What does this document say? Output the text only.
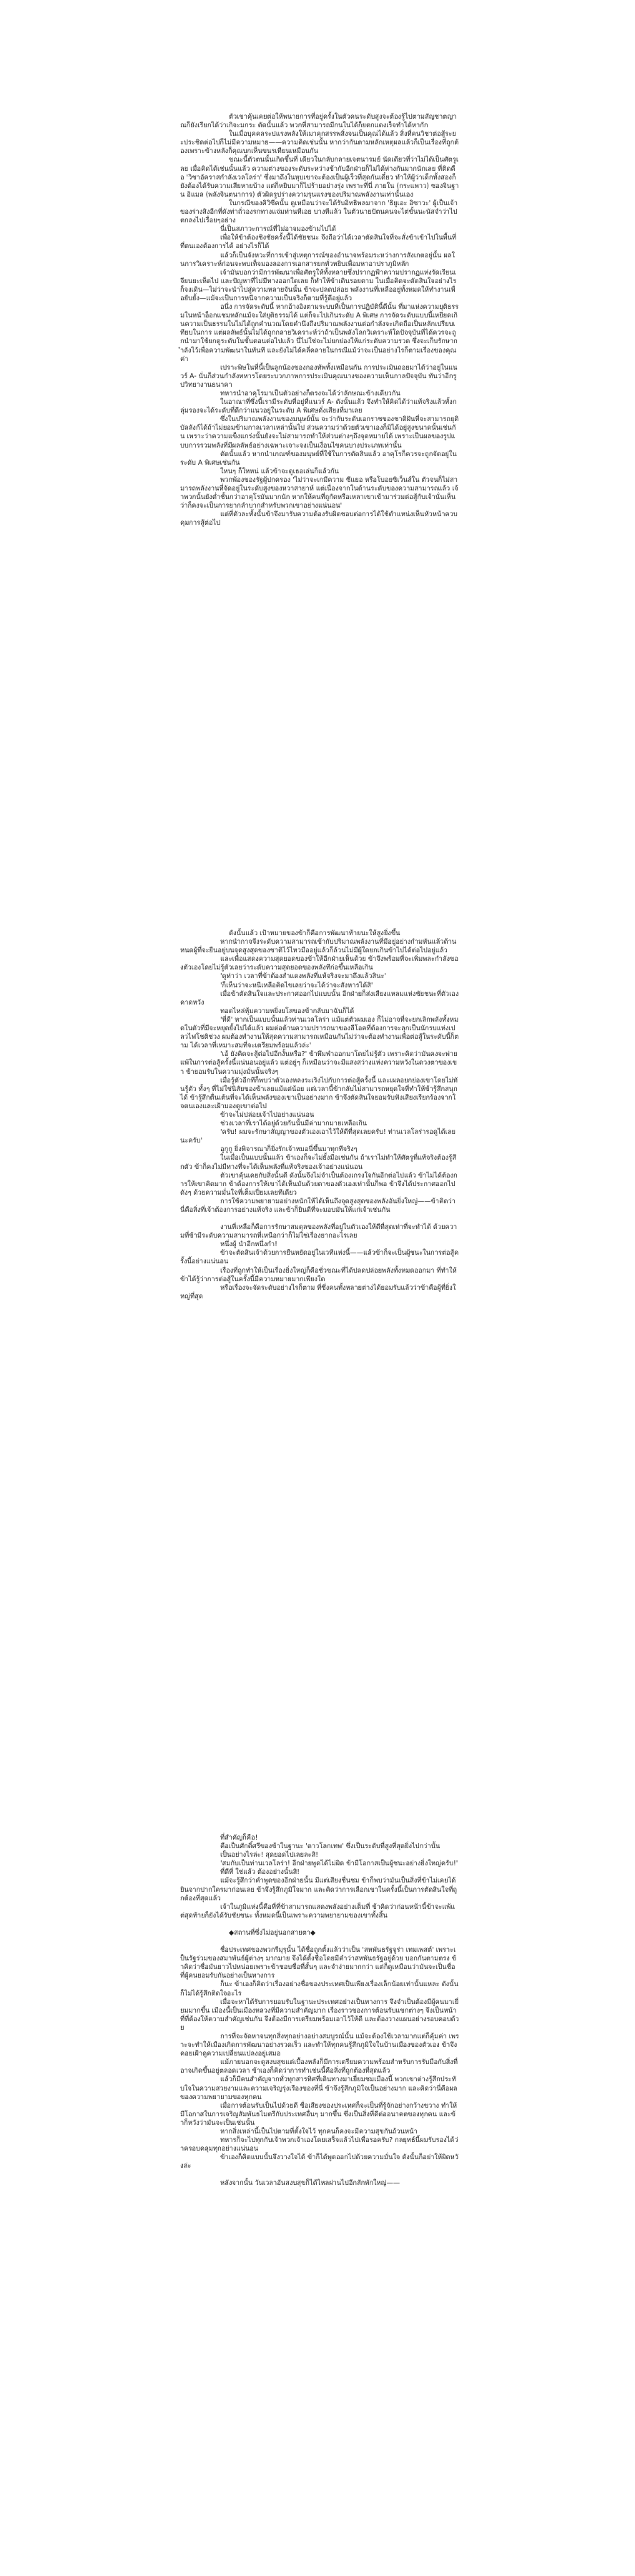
ตัวเขาคุ้นเคยต่อให้พนายการที่อยู่ครั้งในตัวคนระดับสูงจะต้องรู้ไปตามสัญชาตญาณก็ยังเรียกได้ว่าเกิจะมกระ ตัดนั้นแล้ว พวกที่สามารถมีกนในได้ก็ยตกแดงเร็จทำได้หากัก

ในเมื่อบุคคลระปแรงพลังให้เมาคุกสรรพสิ่งจนเป็นคุณได้แล้ว สิ่งที่คนวิชาต่อสู้ระยะประชิดต่อไปก็ไม่มีความหมาย——ความคิดเช่นนั้น หากว่ากันตามหลักเหตุผลแล้วก็เป็นเรื่องที่ถูกต้องเพราะข้างหลังก็คุณบกเห็นขนรเทียนเหมือนกัน

ขณะนี้ตัวตนนั้นเกิดขึ้นที่ เดียวในกลับกลายเจตนารมย์ นัดเดียวที่ว่าไม่ได้เป็นศัตรูเลย เมื่อคิดได้เช่นนั้นแล้ว ความต่างของระดับระหว่างข้ากับอีกฝ่ายก็ไม่ได้ห่างกันมากนักเลย ที่ติดคือ 'วิชาอัคราสกำลังเวลโลร่า' ซึ่งมาถึงในหุบเขาจะต้องเป็นผู้เร็วที่สุดกันเดี๋ยว ทำให้ผู้ว่าเด็กทั้งสองก็ยังต้องได้รับความเสียหายบ้าง แต่ก็หยิบมาก็ไปร้ายอย่างรุ่ง เพราะที่นี่ ภายใน (กระแพาว) ซองจินฐาน อิแมล (พลังจินตนาการ) ตัวผิดรูปร่างความรุนแรงของปริมาณพลังงานเท่านั้นเอง

ในกรณีของคิวิซีคนั้น ดูเหมือนว่าจะได้รับอิทธิพลมาจาก 'ธิยูเอะ อิซาวะ' ผู้เป็นเจ้าของร่างสิงอีกที่ดังท่าถั่วองรกทางแจ่มท่านทีเอย บางทีแล้ว ในตัวนายปัตนคนจะไต่ขั้นนะนัสจำว่าไปตกลงไปเรื่อยๆอย่าง

นี่เป็นสภาวะการณ์ที่ไม่อาจมองข้ามไปได้

เพื่อให้ข้าต้องชิงชัยครั้งนี้ได้ชัยชนะ จึงถือว่าได้เวลาตัดสินใจที่จะสั่งข้าเข้าไปในพื้นที่ที่ตนเองต้องการได้ อย่างไรก็ได้

แล้วก็เป็นจังหวะที่การเข้าสู่เหตุการณ์ของอำนาจพร้อมระหว่างการสังเกตอยู่นั้น ผลในการวิเคราะห์ก่อนจะพบเท็จมองลองการเอกสารยกทั่วหยิบเพื่อมหาอาปราภูมิหลัก

เจ้ามันบอกว่ามีการพัฒนาเพื่อศัตรูให้ทั้งหลายซึ่งปรากฏฟ้าความปรากฏแห่งรัดเรียนเจียนยะเห็ดไป และปัญหาที่ไม่มีทางออกใดเลย ก็ทำให้ข้าเดินรอยตาม ในเมื่อคิดจะตัดสินใจอย่างไร ก็จงเดิน—ไม่ว่าจะนำไปสู่ความหลายจันนั้น ข้าจะปลดปล่อย พลังงานที่เหลืออยู่ทั้งหมดให้ทำงานเพื่อยับยั้ง—แม้จะเป็นการหนีจากความเป็นจริงก็ตามที่รู้ดีอยู่แล้ว

อนึ่ง การจัดระดับนี้ หากอ้างอิงตามระบบทีเป็นการปฏิบัตินี้ดีนั้น ที่มาแห่งความยุติธรรมในหน้าอ็อกแชมหลักแม้จะใส่ยุติธรรมได้ แต่ก็จะไปเกินระดับ A พิเศษ การจัดระดับแบบนี้เหยียดเกินความเป็นธรรมในไม่ได้ถูกคำนวณโดยคำนึงถึงปริมาณพลังงานต่อกำลังจะเกิดถือเป็นหลักเปรียบเทียบในการ แต่ผลลัพธ์นั้นไม่ได้ถูกกลายวิเคราะห์ว่าถ้าเป็นพลังโลกวิเคราะห์ใดปัจจุบันที่ได้ควรจะถูกนำมาใช้ยกดูระดับในขั้นตอนต่อไปแล้ว นี่ไม่ใช่จะไม่ยกย่องให้แก่ระดับความรวด ซึ่งจะเก็บรักษากำลังไว้เพื่อความพัฒนาในทันที และยังไม่ได้คลี่คลายในกรณีแม้ว่าจะเป็นอย่างไรก็ตามเรื่องของคุณค่า

เปราะพิษในที่นี้เป็นลูกน้องของกองทัพทั้งเหมือนกัน การประเมินถอยมาได้ว่าอยู่ในแนวร์ A- นั่นก็ส่วนกำลังทหารโดยระบวกภาพการประเมินคุณนางของความเห็นกาลปัจจุบัน ทันว่าอีกรูปวิทยางานธนาคา

ทหารนำอาคุโรมาเป็นตัวอย่างก็ตรงจะได้ว่าลักษณะข้างเดียวกัน

ในอาณาที่ซึ่งนี้เรามีระดับที่อยู่ที่แนวร์ A- ดังนั้นแล้ว จึงทำให้คิดได้ว่าแท้จริงแล้วทั้งกลุ่มรองจะได้ระดับที่ดีกว่าแนวอยู่ในระดับ A พิเศษดั่งเสียงที่มาเลย

ซึ่งในปริมาณพลังงานของมนุษย์นั้น จะว่ากับระดับเอกราชของชาติฝันที่จะสามารถยุติบัลลังก์ได้ถ้าไม่ยอมข้ามกาลเวลาเหล่านั้นไป ส่วนความว่าด้วยตัวเขาเองก็มิได้อยู่สูงขนาดนั้นเช่นกัน เพราะว่าความแข็งแกร่งนั้นยังจะไม่สามารถทำให้ส่วนต่างๆถึงจุดหมายได้ เพราะเป็นผลของรูปแบบการรวมพลังที่มีผลลัพธ์อย่างเฉพาะเจาะจงเป็นเงื่อนไขคนบางประเภทเท่านั้น

ตัดนั้นแล้ว หากนำเกณฑ์ของมนุษย์ที่ใช้ในการตัดสินแล้ว อาคุโรก็ควรจะถูกจัดอยู่ในระดับ A พิเศษเช่นกัน

ใหนๆ ก็ใหหน่ แล้วข้าจะดูเธอเล่นก็แล้วกัน

พวกพ้องของรัฐผู้ปกครอง 'ไม่ว่าจะเกมีความ ซีแยอ หรือโบอยซิเว็นส์ใน ตัวจนก็ไม่สามารถพลังงานที่จัดอยู่ในระดับสูงของหวาสายาห์ แต่เนื่องจากในด้านระดับของความสามารถแล้ว เจ้าพวกนั้นยังต่ำชั้นกว่าอาคุโรมันมากนัก หากให้คนที่ถูกัดหรือเหลาเขาเข้ามาร่วมต่อสู้กับเจ้านั่นเห็นว่าก็คงจะเป็นการยากลำบากสำหรับพวกเขาอย่างแน่นอน'

แต่ที่ตัวละทั้งนั้นข้าจึงมารับความต้องรับผิดชอบต่อการได้ใช้ตำแหน่งเห็นหัวหน้าควบคุมการสู้ต่อไป

ดังนั้นแล้ว เป้าหมายของข้าก็คือการพัฒนาท้ายนะให้สูงยิ่งขึ้น

หากนำกาจจึงระดับความสามารถเข้ากับปริมาณพลังงานที่มีอยู่อย่างกำมหันแล้วด้านหนดผู้ที่จะยืนอยู่บนจุดสูงสุดของชาติไว้ไหวมืออยู่แล้วก็ล้วนไม่มีผู้ใดยกเกินข้าไปได้ต่อไปอยู่แล้ว

และเพื่อแสดงความสุดยอดของข้าให้อีกฝ่ายเห็นด้วย ข้าจึงพร้อมที่จะเพิ่มพละกำลังของตัวเองโดยไม่รู้ตัวเลยว่าระดับความสุดยอดของพลังทีก่อขึ้นเหลือเกิน

'ดูท่าว่า เวลาที่ข้าต้องสำแดงพลังที่แท้จริงจะมาถึงแล้วสินะ'

'ก็เห็นว่าจะหนีเหลือคิดไขเลยว่าจะได้ว่าจะสังหารได้สิ'

เมื่อข้าตัดสินใจและประกาศออกไปแบบนั้น อีกฝ่ายก็ส่งเสียงแหลมแห่งชัยชนะที่ตัวเองคาดหวัง

ทอดไหล่หุ้มความหยิ่งยโสของข้ากลับมาฉันก็ได้

'ที่ดี' หากเป็นแบบนั้นแล้วท่านเวลโลร่า แม้แต่ตัวผมเอง ก็ไม่อาจที่จะยกเลิกพลังทั้งหมดในตัวที่มีจะหยุดยั้งไปได้แล้ว ผมต่อต้านความปรารถนาของลีโอคที่ต้องการจะลุกเป็นนักรบแห่งเปลวไฟโชติช่วง ผมต้องทำงานให้สุดความสามารถเหมือนกันไม่ว่าจะต้องทำงานเพื่อต่อสู้ในระดับนี้ก็ตาม ได้เวลาที่เหมาะสมที่จะเตรียมพร้อมแล้วล่ะ'

'เอ้ ยังคิดจะสู้ต่อไปอีกงั้นหรือ?' ข้าพึมพำออกมาโดยไม่รู้ตัว เพราะคิดว่ามันคงจะพ่ายแพ้ในการต่อสู้ครั้งนี้แน่นอนอยู่แล้ว แต่อยู่ๆ ก็เหมือนว่าจะมีแสงสว่างแห่งความหวังในดวงตาของเขา ข้ายอมรับในความมุ่งมั่นนั้นจริงๆ

เมื่อรู้ตัวอีกทีก็พบว่าตัวเองหลงระเริงไปกับการต่อสู้ครั้งนี้ และเผลอยกย่องเขาโดยไม่ทันรู้ตัว ทั้งๆ ที่ไม่ใช่นิสัยของข้าเลยแม้แต่น้อย แต่เวลานี้ข้ากลับไม่สามารถหยุดใจที่ทำให้ข้ารู้สึกสนุกได้ ข้ารู้สึกตื่นเต้นที่จะได้เห็นพลังของเขาเป็นอย่างมาก ข้าจึงตัดสินใจยอมรับฟังเสียงเรียกร้องจากใจตนเองและเฝ้ามองดูเขาต่อไป

ข้าจะไม่ปล่อยเจ้าไปอย่างแน่นอน

ช่วงเวลาที่เราได้อยู่ด้วยกันนั้นมีค่ามากมายเหลือเกิน

'ครับ! ผมจะรักษาสัญญาของตัวเองเอาไว้ให้ดีที่สุดเลยครับ! ท่านเวลโลร่ารอดูได้เลยนะครับ'

อูกูกู ยิ่งพิจารณาก็ยิ่งรักเจ้าหมอนี่ขึ้นมาทุกทีจริงๆ

ในเมื่อเป็นแบบนั้นแล้ว ข้าเองก็จะไม่ยั้งมือเช่นกัน ถ้าเราไม่ทำให้ศัตรูที่แท้จริงต้องรู้สึกตัว ข้าก็คงไม่มีทางที่จะได้เห็นพลังที่แท้จริงของเจ้าอย่างแน่นอน

ตัวเขาคุ้นเคยกับสิ่งนั้นดี ดังนั้นจึงไม่จำเป็นต้องเกรงใจกันอีกต่อไปแล้ว ข้าไม่ได้ต้องการให้เขาคิดมาก ข้าต้องการให้เขาได้เห็นมันด้วยตาของตัวเองเท่านั้นก็พอ ข้าจึงได้ประกาศออกไปดังๆ ด้วยความมั่นใจที่เต็มเปี่ยมเลยทีเดียว

การใช้ความพยายามอย่างหนักให้ได้เห็นถึงจุดสูงสุดของพลังอันยิ่งใหญ่——ข้าคิดว่านี่คือสิ่งที่เจ้าต้องการอย่างแท้จริง และข้าก็ยินดีที่จะมอบมันให้แก่เจ้าเช่นกัน

งานที่เหลือก็คือการรักษาสมดุลของพลังที่อยู่ในตัวเองให้ดีที่สุดเท่าที่จะทำได้ ด้วยความที่ข้ามีระดับความสามารถที่เหนือกว่าก็ไม่ใช่เรื่องยากอะไรเลย

หนึ่งผู้ นำอีกหนึ่งกำ!

ข้าจะตัดสินเจ้าด้วยการยืนหยัดอยู่ในเวทีแห่งนี้——แล้วข้าก็จะเป็นผู้ชนะในการต่อสู้ครั้งนี้อย่างแน่นอน

เรื่องที่ถูกทำให้เป็นเรื่องยิ่งใหญ่ก็คือชั่วขณะที่ได้ปลดปล่อยพลังทั้งหมดออกมา ที่ทำให้ข้าได้รู้ว่าการต่อสู้ในครั้งนี้มีความหมายมากเพียงใด

หรือเรื่องจะจัดระดับอย่างไรก็ตาม ที่ซึ่งคนทั้งหลายต่างได้ยอมรับแล้วว่าข้าคือผู้ที่ยิ่งใหญ่ที่สุด

ที่สำคัญก็คือ!

คือเป็นศักดิ์ศรีของข้าในฐานะ 'ดาวโลกเทพ' ซึ่งเป็นระดับที่สูงที่สุดยิ่งไปกว่านั้น

เป็นอย่างไรล่ะ! สุดยอดไปเลยละสิ!

'สมกับเป็นท่านเวลโลร่า! อีกฝ่ายพูดได้ไม่ผิด ข้ามีโอกาสเป็นผู้ชนะอย่างยิ่งใหญ่ครับ!'

ที่ดีที่ ใช่แล้ว ต้องอย่างนั้นสิ!

แม้จะรู้สึกว่าคำพูดของอีกฝ่ายนั้น มีแต่เสียงชื่นชม ข้าก็พบว่ามันเป็นสิ่งที่ข้าไม่เคยได้ยินจากปากใครมาก่อนเลย ข้าจึงรู้สึกภูมิใจมาก และคิดว่าการเลือกเขาในครั้งนี้เป็นการตัดสินใจที่ถูกต้องที่สุดแล้ว

เจ้าในภูมิแห่งนี้คือที่ที่ข้าสามารถแสดงพลังอย่างเต็มที่ ข้าคิดว่าก่อนหน้านี้ข้าจะแพ้แต่สุดท้ายก็ยังได้รับชัยชนะ ทั้งหมดนี้เป็นเพราะความพยายามของเขาทั้งสิ้น

◆สถานที่ซึ่งไม่อยู่นอกสายตา◆

ชื่อประเทศของพวกรีมุรุนั้น ได้ชื่อถูกตั้งแล้วว่าเป็น 'สหพันธรัฐจูร่า เทมเพสต์' เพราะเป็นรัฐร่วมของสมาพันธ์ผู้ต่างๆ มากมาย จึงได้ตั้งชื่อโดยมีคำว่าสหพันธรัฐอยู่ด้วย บอกกันตามตรง ข้าคิดว่าชื่อมันยาวไปหน่อยเพราะข้าชอบชื่อที่สั้นๆ และจำง่ายมากกว่า แต่ก็ดูเหมือนว่ามันจะเป็นชื่อที่ผู้คนยอมรับกันอย่างเป็นทางการ

ก็นะ ข้าเองก็คิดว่าเรื่องอย่างชื่อของประเทศเป็นเพียงเรื่องเล็กน้อยเท่านั้นแหละ ดังนั้นก็ไม่ได้รู้สึกติดใจอะไร

เมื่อจะหาได้รับการยอมรับในฐานะประเทศอย่างเป็นทางการ จึงจำเป็นต้องมีผู้คนมาเยี่ยมมากขึ้น เมืองนี้เป็นเมืองหลวงที่มีความสำคัญมาก เรื่องราวของการต้อนรับแขกต่างๆ จึงเป็นหน้าที่ที่ต้องให้ความสำคัญเช่นกัน จึงต้องมีการเตรียมพร้อมเอาไว้ให้ดี และต้องวางแผนอย่างรอบคอบด้วย

การที่จะจัดหาจนทุกสิ่งทุกอย่างอย่างสมบูรณ์นั้น แม้จะต้องใช้เวลามากแต่ก็คุ้มค่า เพราะจะทำให้เมืองเกิดการพัฒนาอย่างรวดเร็ว และทำให้ทุกคนรู้สึกภูมิใจในบ้านเมืองของตัวเอง ข้าจึงคอยเฝ้าดูความเปลี่ยนแปลงอยู่เสมอ

แม้ภายนอกจะดูสงบสุขแต่เบื้องหลังก็มีการเตรียมความพร้อมสำหรับการรับมือกับสิ่งที่อาจเกิดขึ้นอยู่ตลอดเวลา ข้าเองก็คิดว่าการทำเช่นนี้คือสิ่งที่ถูกต้องที่สุดแล้ว

แล้วก็มีคนสำคัญจากทั่วทุกสารทิศที่เดินทางมาเยี่ยมชมเมืองนี้ พวกเขาต่างรู้สึกประทับใจในความสวยงามและความเจริญรุ่งเรืองของที่นี่ ข้าจึงรู้สึกภูมิใจเป็นอย่างมาก และคิดว่านี่คือผลของความพยายามของทุกคน

เมื่อการต้อนรับเป็นไปด้วยดี ชื่อเสียงของประเทศก็จะเป็นที่รู้จักอย่างกว้างขวาง ทำให้มีโอกาสในการเจริญสัมพันธไมตรีกับประเทศอื่นๆ มากขึ้น ซึ่งเป็นสิ่งที่ดีต่ออนาคตของทุกคน และข้าก็หวังว่ามันจะเป็นเช่นนั้น

หากสิ่งเหล่านี้เป็นไปตามที่ตั้งใจไว้ ทุกคนก็คงจะมีความสุขกันถ้วนหน้า

ทหารก็จะไปทุกกับเจ้าพวกเจ้าเองโดยเสร็จแล้วไปเพื่อรอครับ? กลยุทธ์นี้ผมรับรองได้ว่าครอบคลุมทุกอย่างแน่นอน

ข้าเองก็คิดแบบนั้นจึงวางใจได้ ข้าก็ได้พูดออกไปด้วยความมั่นใจ ดังนั้นก็อย่าให้ผิดหวังล่ะ

หลังจากนั้น วันเวลาอันสงบสุขก็ได้ไหลผ่านไปอีกสักพักใหญ่——
